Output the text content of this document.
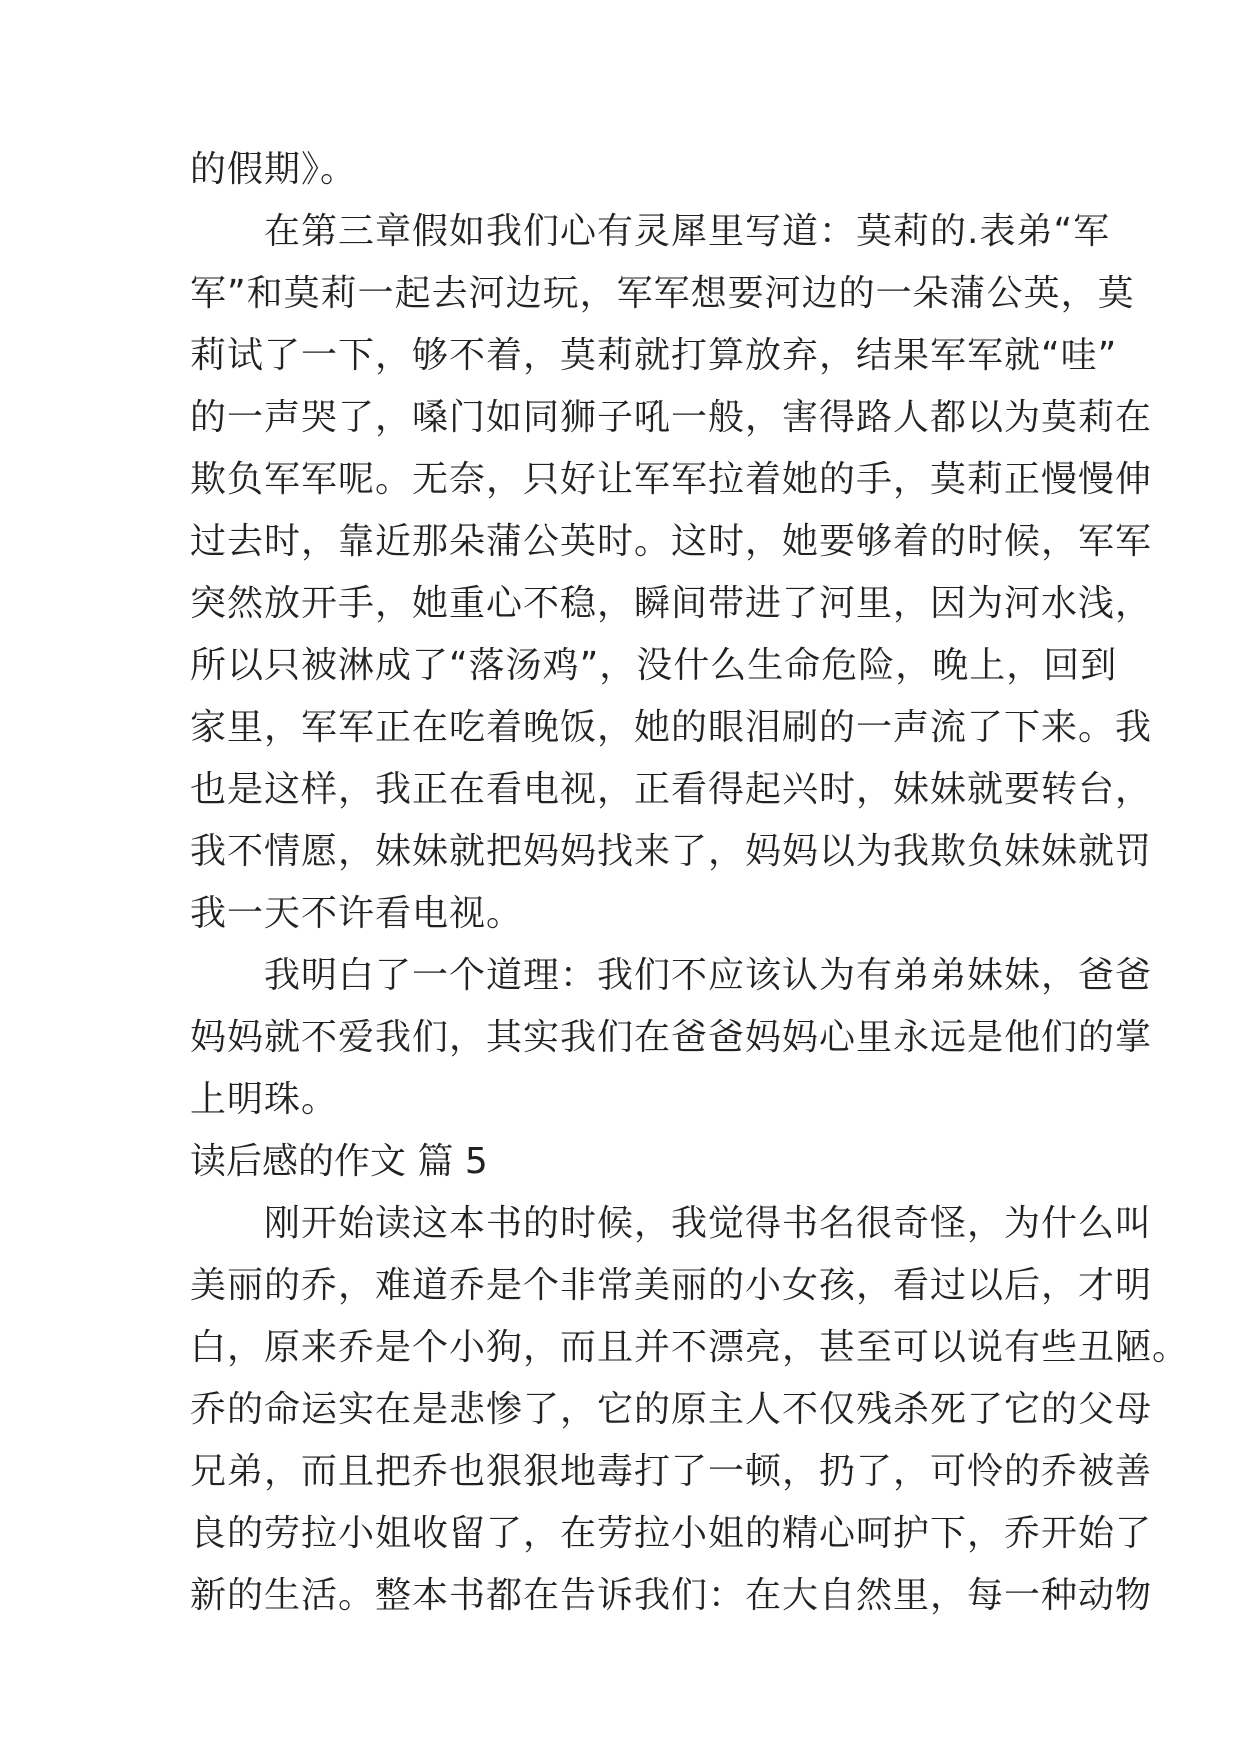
的假期》。
在第三章假如我们心有灵犀里写道：莫莉的.表弟“军
军”和莫莉一起去河边玩，军军想要河边的一朵蒲公英，莫
莉试了一下，够不着，莫莉就打算放弃，结果军军就“哇”
的一声哭了，嗓门如同狮子吼一般，害得路人都以为莫莉在
欺负军军呢。无奈，只好让军军拉着她的手，莫莉正慢慢伸
过去时，靠近那朵蒲公英时。这时，她要够着的时候，军军
突然放开手，她重心不稳，瞬间带进了河里，因为河水浅，
所以只被淋成了“落汤鸡”，没什么生命危险，晚上，回到
家里，军军正在吃着晚饭，她的眼泪刷的一声流了下来。我
也是这样，我正在看电视，正看得起兴时，妹妹就要转台，
我不情愿，妹妹就把妈妈找来了，妈妈以为我欺负妹妹就罚
我一天不许看电视。
我明白了一个道理：我们不应该认为有弟弟妹妹，爸爸
妈妈就不爱我们，其实我们在爸爸妈妈心里永远是他们的掌
上明珠。
读后感的作文 篇 5
刚开始读这本书的时候，我觉得书名很奇怪，为什么叫
美丽的乔，难道乔是个非常美丽的小女孩，看过以后，才明
白，原来乔是个小狗，而且并不漂亮，甚至可以说有些丑陋。
乔的命运实在是悲惨了，它的原主人不仅残杀死了它的父母
兄弟，而且把乔也狠狠地毒打了一顿，扔了，可怜的乔被善
良的劳拉小姐收留了，在劳拉小姐的精心呵护下，乔开始了
新的生活。整本书都在告诉我们：在大自然里，每一种动物
